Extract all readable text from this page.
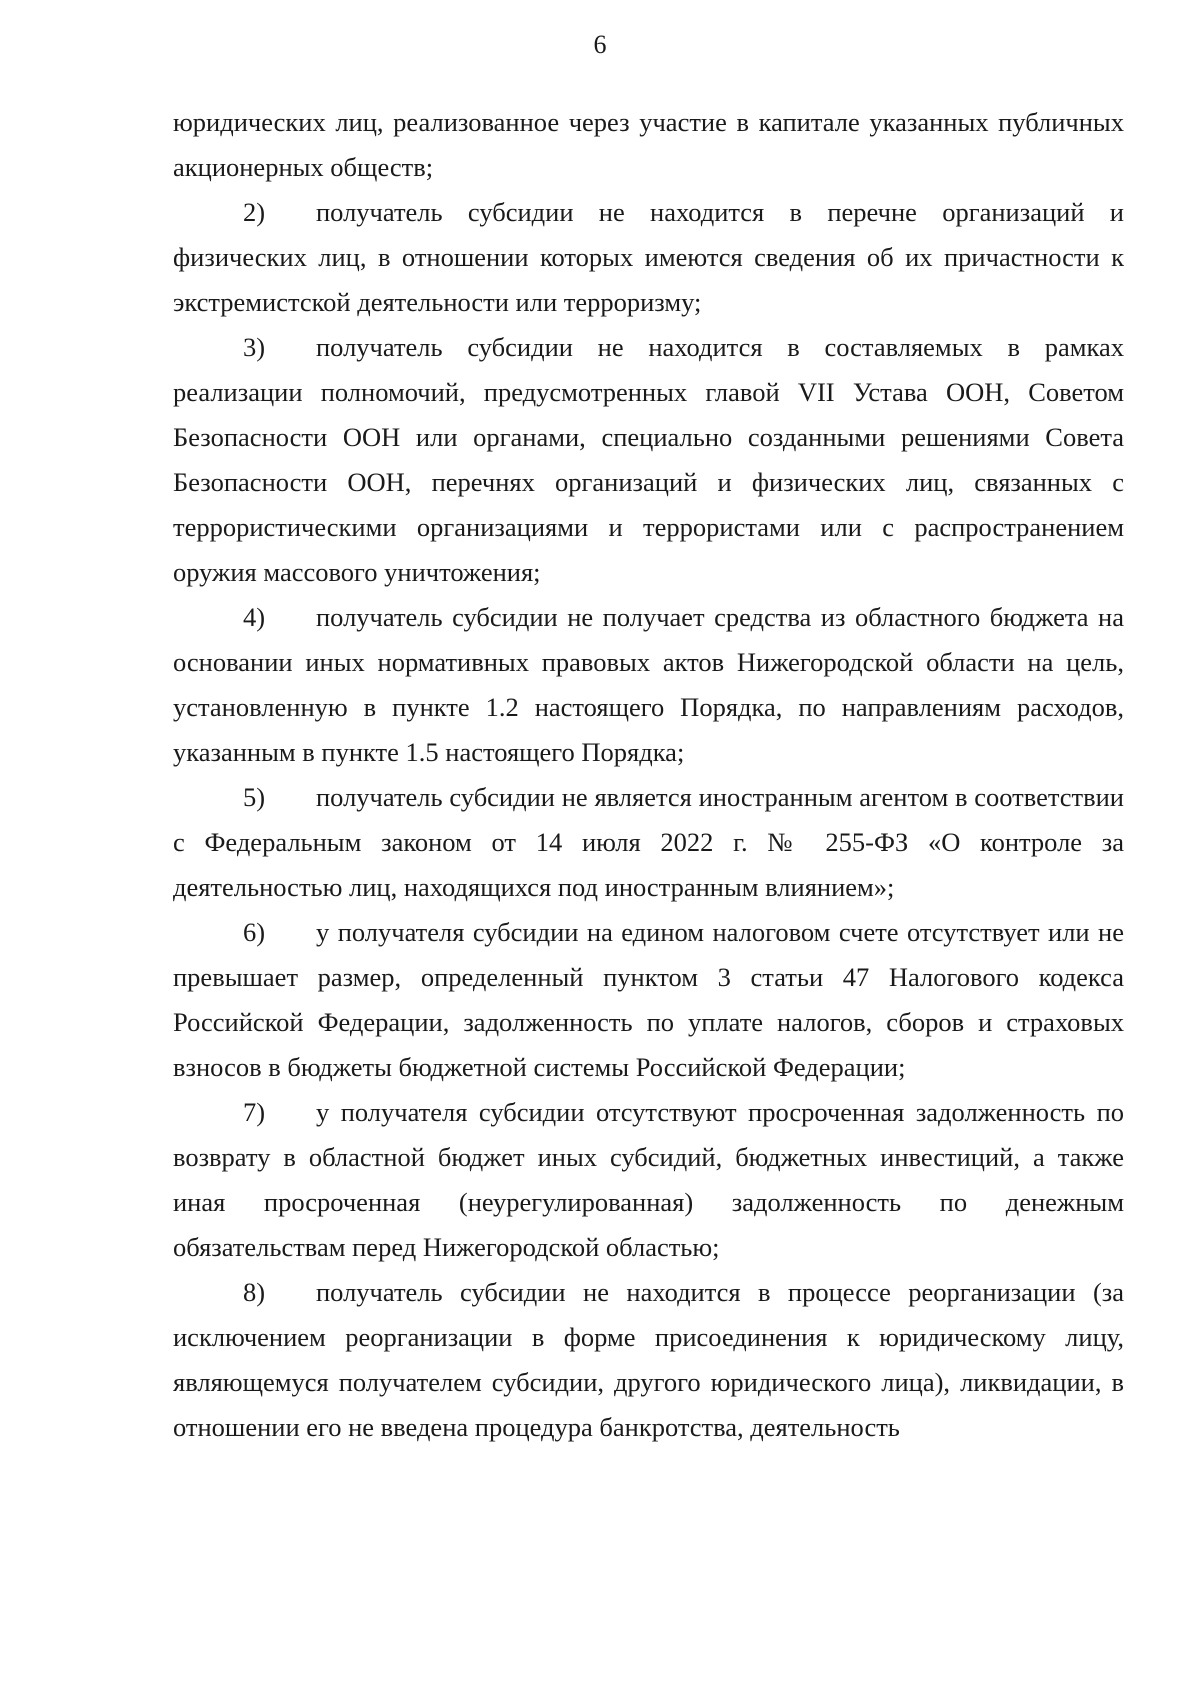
6

юридических лиц, реализованное через участие в капитале указанных публичных акционерных обществ;

2) получатель субсидии не находится в перечне организаций и физических лиц, в отношении которых имеются сведения об их причастности к экстремистской деятельности или терроризму;

3) получатель субсидии не находится в составляемых в рамках реализации полномочий, предусмотренных главой VII Устава ООН, Советом Безопасности ООН или органами, специально созданными решениями Совета Безопасности ООН, перечнях организаций и физических лиц, связанных с террористическими организациями и террористами или с распространением оружия массового уничтожения;

4) получатель субсидии не получает средства из областного бюджета на основании иных нормативных правовых актов Нижегородской области на цель, установленную в пункте 1.2 настоящего Порядка, по направлениям расходов, указанным в пункте 1.5 настоящего Порядка;

5) получатель субсидии не является иностранным агентом в соответствии с Федеральным законом от 14 июля 2022 г. № 255-ФЗ «О контроле за деятельностью лиц, находящихся под иностранным влиянием»;

6) у получателя субсидии на едином налоговом счете отсутствует или не превышает размер, определенный пунктом 3 статьи 47 Налогового кодекса Российской Федерации, задолженность по уплате налогов, сборов и страховых взносов в бюджеты бюджетной системы Российской Федерации;

7) у получателя субсидии отсутствуют просроченная задолженность по возврату в областной бюджет иных субсидий, бюджетных инвестиций, а также иная просроченная (неурегулированная) задолженность по денежным обязательствам перед Нижегородской областью;

8) получатель субсидии не находится в процессе реорганизации (за исключением реорганизации в форме присоединения к юридическому лицу, являющемуся получателем субсидии, другого юридического лица), ликвидации, в отношении его не введена процедура банкротства, деятельность
